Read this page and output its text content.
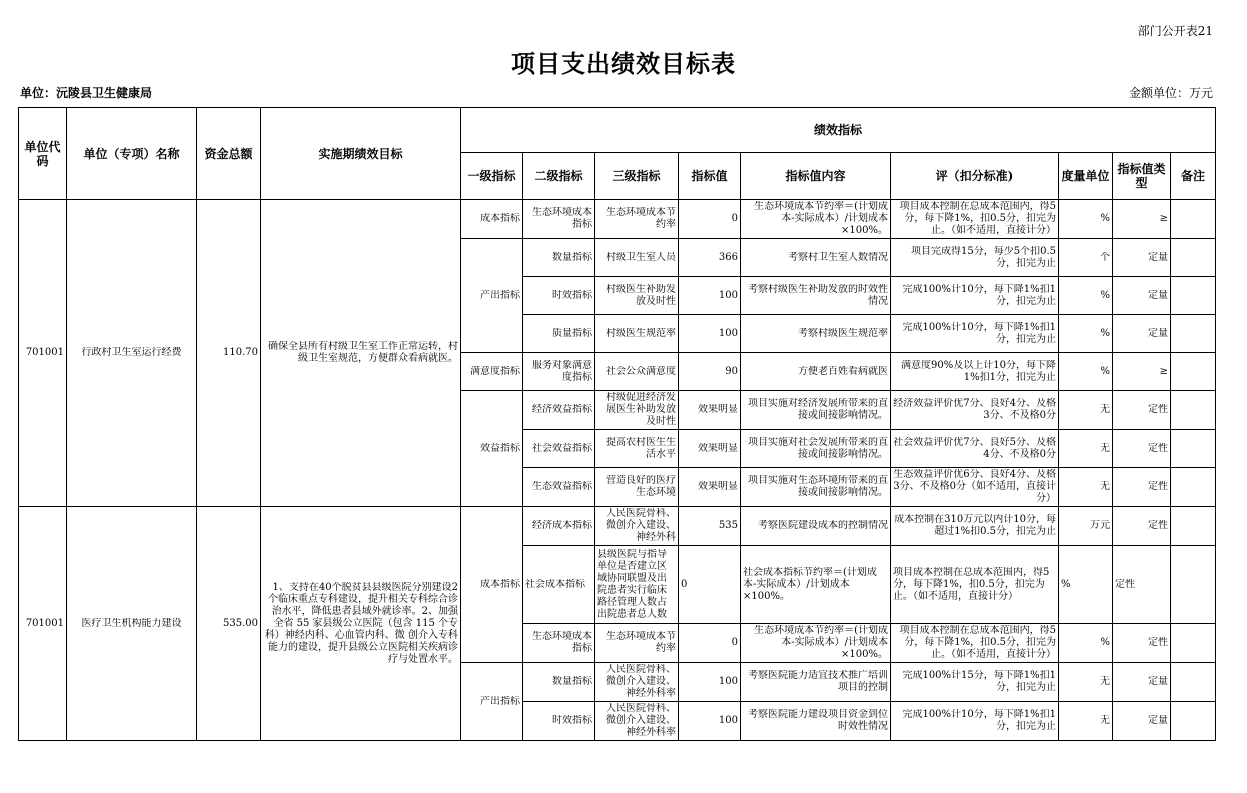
部门公开表21
项目支出绩效目标表
单位：沅陵县卫生健康局	金额单位：万元
单位代码	单位（专项）名称	资金总额	实施期绩效目标	绩效指标								
				一级指标	二级指标	三级指标	指标值	指标值内容	评（扣分标准)	度量单位	指标值类型	备注

701001	行政村卫生室运行经费	110.70	确保全县所有村级卫生室工作正常运转，村级卫生室规范，方便群众看病就医。	成本指标	生态环境成本指标	生态环境成本节约率	0	生态环境成本节约率＝(计划成本-实际成本）/计划成本×100%。	项目成本控制在总成本范围内，得5分，每下降1%，扣0.5分，扣完为止。（如不适用，直接计分）	%	≥	

				产出指标	数量指标	村级卫生室人员	366	考察村卫生室人数情况	项目完成得15分，每少5个扣0.5分，扣完为止	个	定量	

					时效指标	村级医生补助发放及时性	100	考察村级医生补助发放的时效性情况	完成100%计10分，每下降1%扣1分，扣完为止	%	定量	

					质量指标	村级医生规范率	100	考察村级医生规范率	完成100%计10分，每下降1%扣1分，扣完为止	%	定量	

				满意度指标	服务对象满意度指标	社会公众满意度	90	方便老百姓看病就医	满意度90%及以上计10分，每下降1%扣1分，扣完为止	%	≥	

				效益指标	经济效益指标	村级促进经济发展医生补助发放及时性	效果明显	项目实施对经济发展所带来的直接或间接影响情况。	经济效益评价优7分、良好4分、及格3分、不及格0分	无	定性	

					社会效益指标	提高农村医生生活水平	效果明显	项目实施对社会发展所带来的直接或间接影响情况。	社会效益评价优7分、良好5分、及格4分、不及格0分	无	定性	

					生态效益指标	营造良好的医疗生态环境	效果明显	项目实施对生态环境所带来的直接或间接影响情况。	生态效益评价优6分、良好4分、及格3分、不及格0分（如不适用，直接计分）	无	定性	

701001	医疗卫生机构能力建设	535.00	1、支持在40个脱贫县县级医院分别建设2个临床重点专科建设，提升相关专科综合诊治水平，降低患者县域外就诊率。2、加强全省 55 家县级公立医院（包含 115 个专科）神经内科、心血管内科、微 创介入专科能力的建设，提升县级公立医院相关疾病诊疗与处置水平。	成本指标	经济成本指标	人民医院骨科、微创介入建设、神经外科	535	考察医院建设成本的控制情况	成本控制在310万元以内计10分，每超过1%扣0.5分，扣完为止	万元	定性	

					社会成本指标	县级医院与指导单位是否建立区域协同联盟及出院患者实行临床路径管理人数占出院患者总人数	0	社会成本指标节约率＝(计划成本-实际成本）/计划成本×100%。	项目成本控制在总成本范围内，得5分，每下降1%，扣0.5分，扣完为止。（如不适用，直接计分）	%	定性	

					生态环境成本指标	生态环境成本节约率	0	生态环境成本节约率＝(计划成本-实际成本）/计划成本×100%。	项目成本控制在总成本范围内，得5分，每下降1%，扣0.5分，扣完为止。（如不适用，直接计分）	%	定性	

				产出指标	数量指标	人民医院骨科、微创介入建设、神经外科率	100	考察医院能力适宜技术推广培训项目的控制	完成100%计15分，每下降1%扣1分，扣完为止	无	定量	

					时效指标	人民医院骨科、微创介入建设、神经外科率	100	考察医院能力建设项目资金到位时效性情况	完成100%计10分，每下降1%扣1分，扣完为止	无	定量	
